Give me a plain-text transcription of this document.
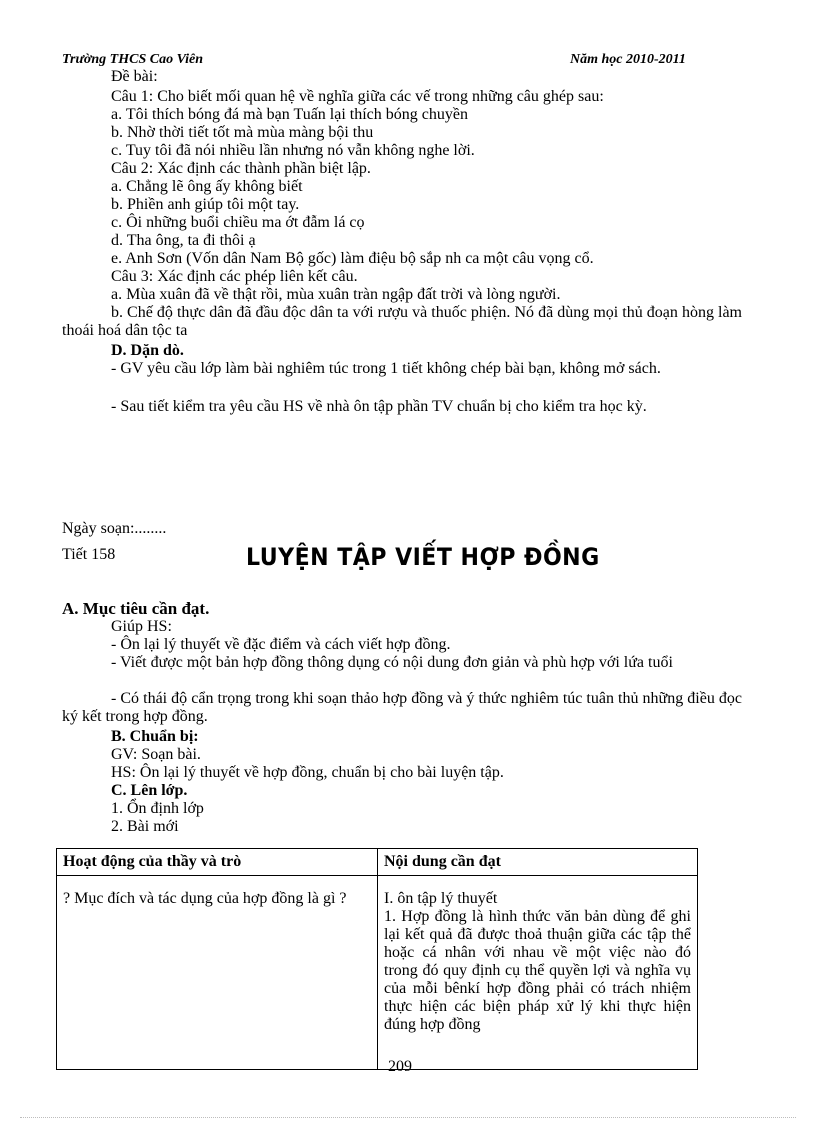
Trường THCS Cao Viên	Năm học 2010-2011
Đề bài:
Câu 1: Cho biết mối quan hệ về nghĩa giữa các vế trong những câu ghép sau:
a. Tôi thích bóng đá mà bạn Tuấn lại thích bóng chuyền
b. Nhờ thời tiết tốt mà mùa màng bội thu
c. Tuy tôi đã nói nhiều lần nhưng nó vẫn không nghe lời.
Câu 2: Xác định các thành phần biệt lập.
a. Chẳng lẽ ông ấy không biết
b. Phiền anh giúp tôi một tay.
c. Ôi những buổi chiều ma ớt đẫm lá cọ
d. Tha ông, ta đi thôi ạ
e. Anh Sơn (Vốn dân Nam Bộ gốc) làm điệu bộ sắp nh ca một câu vọng cổ.
Câu 3: Xác định các phép liên kết câu.
a. Mùa xuân đã về thật rồi, mùa xuân tràn ngập đất trời và lòng người.
b. Chế độ thực dân đã đầu độc dân ta với rượu và thuốc phiện. Nó đã dùng mọi thủ đoạn hòng làm thoái hoá dân tộc ta
D. Dặn dò.
- GV yêu cầu lớp làm bài nghiêm túc trong 1 tiết không chép bài bạn, không mở sách.
- Sau tiết kiểm tra yêu cầu HS về nhà ôn tập phần TV chuẩn bị cho kiểm tra học kỳ.
Ngày soạn:........
Tiết 158	LUYỆN TẬP VIẾT HỢP ĐỒNG
A. Mục tiêu cần đạt.
Giúp HS:
- Ôn lại lý thuyết về đặc điểm và cách viết hợp đồng.
- Viết được một bản hợp đồng thông dụng có nội dung đơn giản và phù hợp với lứa tuổi
- Có thái độ cẩn trọng trong khi soạn thảo hợp đồng và ý thức nghiêm túc tuân thủ những điều đọc ký kết trong hợp đồng.
B. Chuẩn bị:
GV: Soạn bài.
HS: Ôn lại lý thuyết về hợp đồng, chuẩn bị cho bài luyện tập.
C. Lên lớp.
1. Ổn định lớp
2. Bài mới
Hoạt động của thầy và trò	Nội dung cần đạt
? Mục đích và tác dụng của hợp đồng là gì ?	I. ôn tập lý thuyết
1. Hợp đồng là hình thức văn bản dùng để ghi lại kết quả đã được thoả thuận giữa các tập thể hoặc cá nhân với nhau về một việc nào đó trong đó quy định cụ thể quyền lợi và nghĩa vụ của mỗi bênkí hợp đồng phải có trách nhiệm thực hiện các biện pháp xử lý khi thực hiện đúng hợp đồng
209
